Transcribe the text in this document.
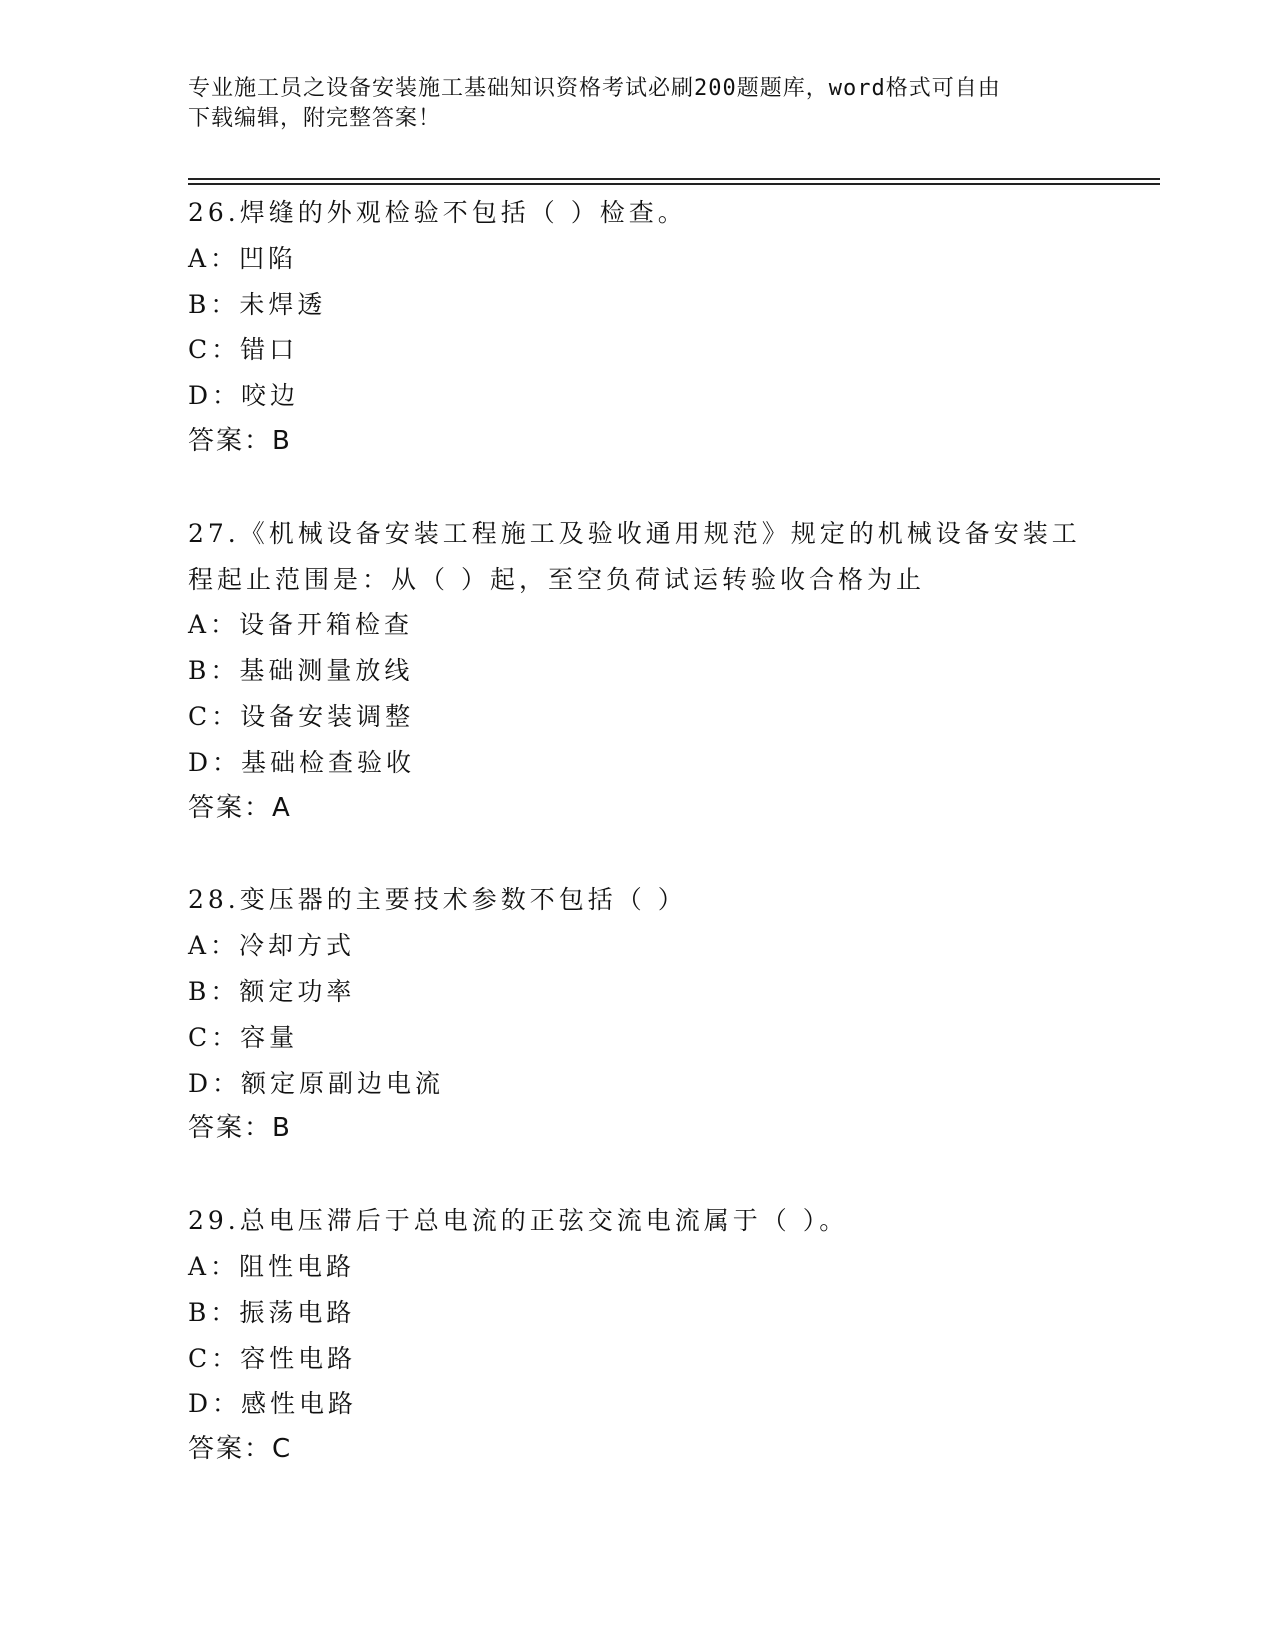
专业施工员之设备安装施工基础知识资格考试必刷200题题库，word格式可自由
下载编辑，附完整答案！
26.焊缝的外观检验不包括（ ）检查。
A：凹陷
B：未焊透
C：错口
D：咬边
答案：B
27.《机械设备安装工程施工及验收通用规范》规定的机械设备安装工
程起止范围是：从（ ）起，至空负荷试运转验收合格为止
A：设备开箱检查
B：基础测量放线
C：设备安装调整
D：基础检查验收
答案：A
28.变压器的主要技术参数不包括（ ）
A：冷却方式
B：额定功率
C：容量
D：额定原副边电流
答案：B
29.总电压滞后于总电流的正弦交流电流属于（ ）。
A：阻性电路
B：振荡电路
C：容性电路
D：感性电路
答案：C
